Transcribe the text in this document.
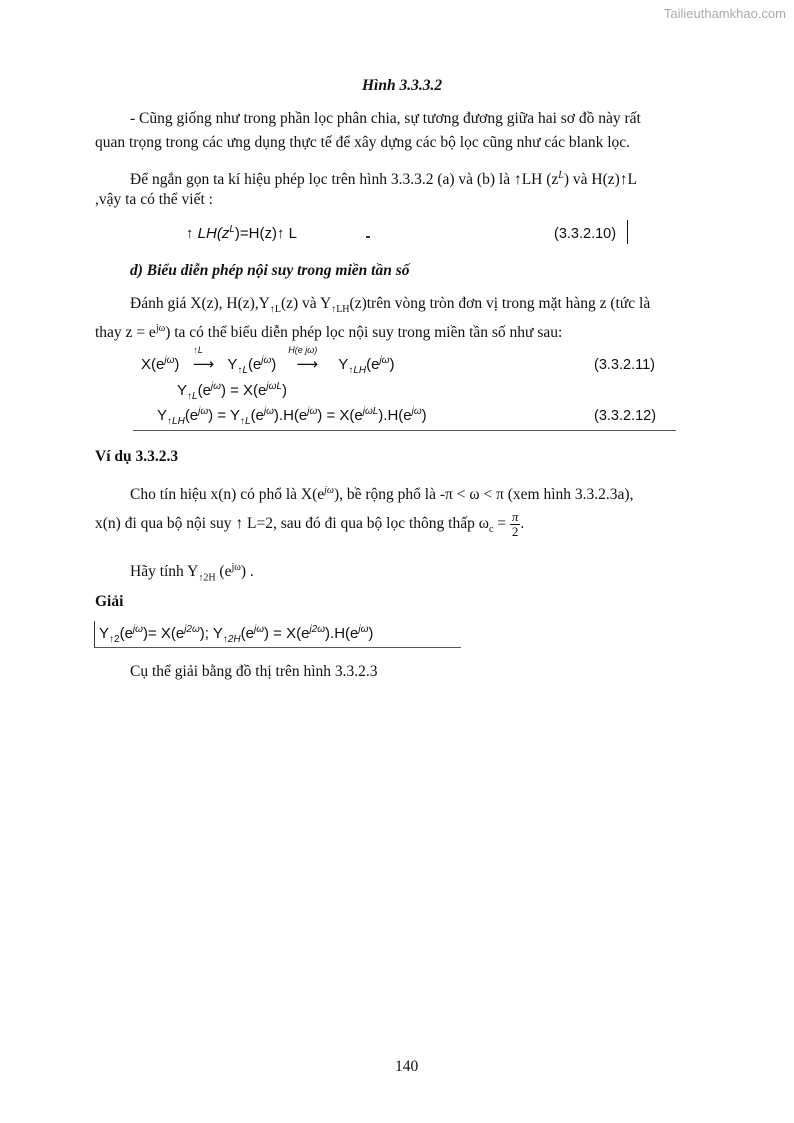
Tailieuthamkhao.com
Hình 3.3.3.2
- Cũng giống như trong phần lọc phân chia, sự tương đương giữa hai sơ đồ này rất
quan trọng trong các ưng dụng thực tế để xây dựng các bộ lọc cũng như các blank lọc.
Để ngắn gọn ta kí hiệu phép lọc trên hình 3.3.3.2 (a) và (b) là ↑LH $(z^L)$ và H(z)↑L
,vậy ta có thể viết :
↑ $LH(z^L)=H(z)↑$ L	(3.3.2.10)
d) Biểu diễn phép nội suy trong miền tần số
Đánh giá X(z), $H(z),Y_{↑L}(z)$ và $Y_{↑LH}(z)trên$ vòng tròn đơn vị trong mặt hàng z (tức là
thay $z = e^{j\omega}$) ta có thể biểu diễn phép lọc nội suy trong miền tần số như sau:
$X(e^{j\omega})$
↑L
⟶ $Y_{↑L}(e^{j\omega})$
H(e jω)
⟶ $Y_{↑LH}(e^{j\omega})$	(3.3.2.11)
$Y_{↑L}(e^{j\omega}) = X(e^{j\omega L})$
$Y_{↑LH}(e^{j\omega}) = Y_{↑L}(e^{j\omega}).H(e^{j\omega}) = X(e^{j\omega L}).H(e^{j\omega})$	(3.3.2.12)
Ví dụ 3.3.2.3
Cho tín hiệu x(n) có phổ là $X(e^{j\omega})$, bề rộng phổ là -π < ω < π (xem hình 3.3.2.3a),
x(n) đi qua bộ nội suy ↑ L=2, sau đó đi qua bộ lọc thông thấp $\omega_c = \frac{\pi}{2}$ .
Hãy tính $Y_{↑2H}$ $(e^{j\omega})$ .
Giải
$Y_{↑2}(e^{j\omega})= X(e^{j2\omega})$; $Y_{↑2H}(e^{j\omega}) = X(e^{j2\omega}).H(e^{j\omega})$
Cụ thể giải bằng đồ thị trên hình 3.3.2.3
140
